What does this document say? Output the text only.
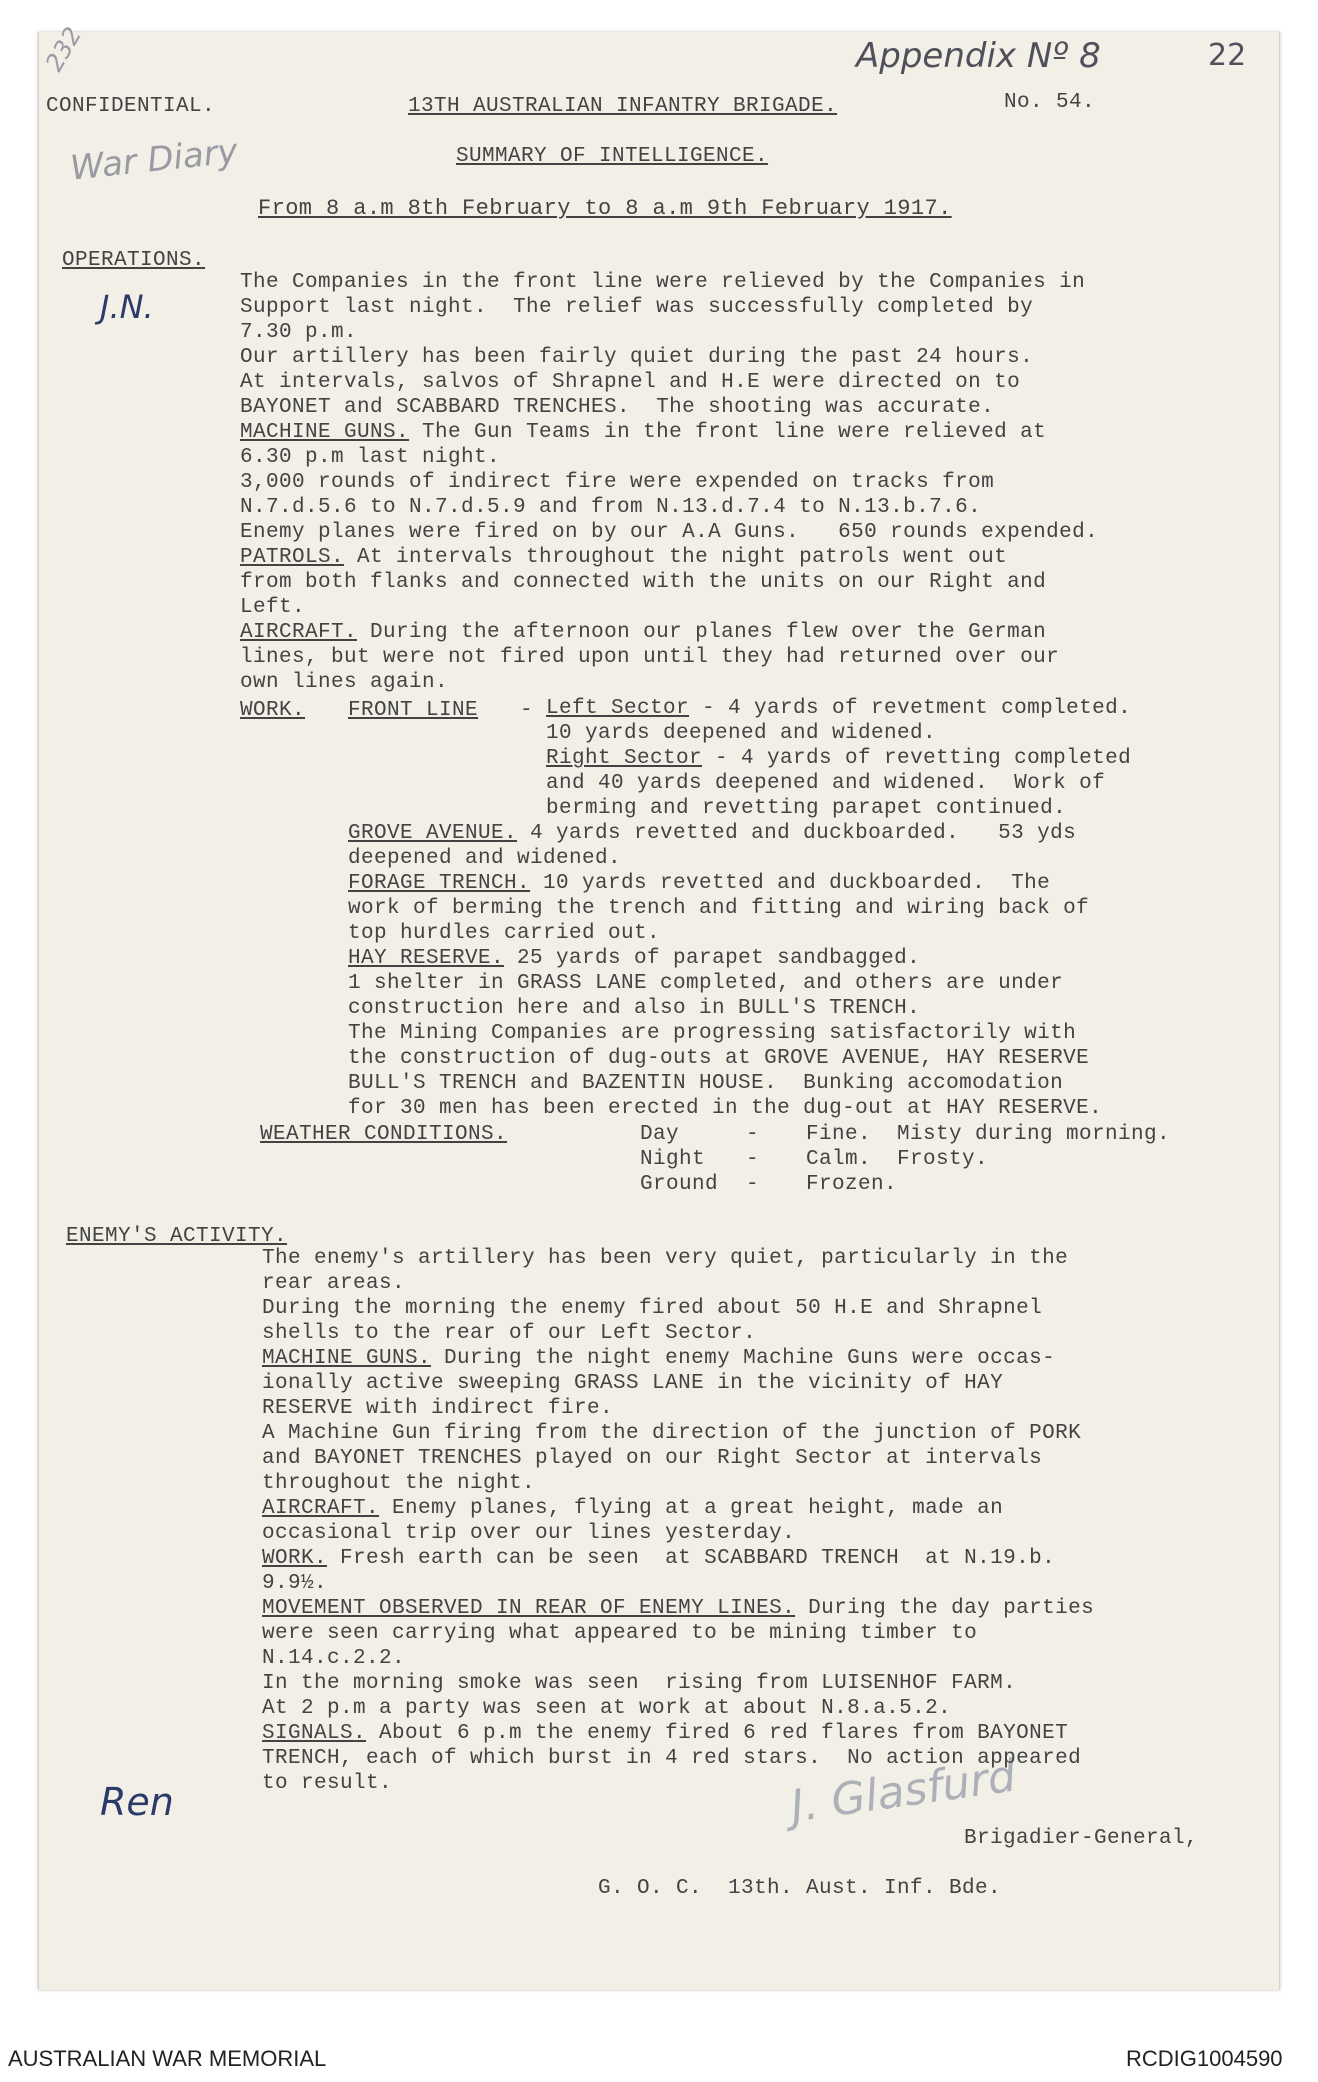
Appendix Nº 8	22
232
War Diary
J.N.
Ren	J. Glasfurd
CONFIDENTIAL.	13TH AUSTRALIAN INFANTRY BRIGADE.	No. 54.
SUMMARY OF INTELLIGENCE.
From 8 a.m 8th February to 8 a.m 9th February 1917.
OPERATIONS.
The Companies in the front line were relieved by the Companies in
Support last night.  The relief was successfully completed by
7.30 p.m.
Our artillery has been fairly quiet during the past 24 hours.
At intervals, salvos of Shrapnel and H.E were directed on to
BAYONET and SCABBARD TRENCHES.  The shooting was accurate.
MACHINE GUNS. The Gun Teams in the front line were relieved at
6.30 p.m last night.
3,000 rounds of indirect fire were expended on tracks from
N.7.d.5.6 to N.7.d.5.9 and from N.13.d.7.4 to N.13.b.7.6.
Enemy planes were fired on by our A.A Guns.   650 rounds expended.
PATROLS. At intervals throughout the night patrols went out
from both flanks and connected with the units on our Right and
Left.
AIRCRAFT. During the afternoon our planes flew over the German
lines, but were not fired upon until they had returned over our
own lines again.
WORK. FRONT LINE - Left Sector - 4 yards of revetment completed.
10 yards deepened and widened.
Right Sector - 4 yards of revetting completed
and 40 yards deepened and widened.  Work of
berming and revetting parapet continued.
GROVE AVENUE. 4 yards revetted and duckboarded.   53 yds
deepened and widened.
FORAGE TRENCH. 10 yards revetted and duckboarded.  The
work of berming the trench and fitting and wiring back of
top hurdles carried out.
HAY RESERVE. 25 yards of parapet sandbagged.
1 shelter in GRASS LANE completed, and others are under
construction here and also in BULL'S TRENCH.
The Mining Companies are progressing satisfactorily with
the construction of dug-outs at GROVE AVENUE, HAY RESERVE
BULL'S TRENCH and BAZENTIN HOUSE.  Bunking accomodation
for 30 men has been erected in the dug-out at HAY RESERVE.
WEATHER CONDITIONS.	Day	- Fine.  Misty during morning.
Night - Calm.  Frosty.
Ground - Frozen.
ENEMY'S ACTIVITY.
The enemy's artillery has been very quiet, particularly in the
rear areas.
During the morning the enemy fired about 50 H.E and Shrapnel
shells to the rear of our Left Sector.
MACHINE GUNS. During the night enemy Machine Guns were occas-
ionally active sweeping GRASS LANE in the vicinity of HAY
RESERVE with indirect fire.
A Machine Gun firing from the direction of the junction of PORK
and BAYONET TRENCHES played on our Right Sector at intervals
throughout the night.
AIRCRAFT. Enemy planes, flying at a great height, made an
occasional trip over our lines yesterday.
WORK. Fresh earth can be seen  at SCABBARD TRENCH  at N.19.b.
9.9½.
MOVEMENT OBSERVED IN REAR OF ENEMY LINES. During the day parties
were seen carrying what appeared to be mining timber to
N.14.c.2.2.
In the morning smoke was seen  rising from LUISENHOF FARM.
At 2 p.m a party was seen at work at about N.8.a.5.2.
SIGNALS. About 6 p.m the enemy fired 6 red flares from BAYONET
TRENCH, each of which burst in 4 red stars.  No action appeared
to result.
Brigadier-General,
G. O. C.  13th. Aust. Inf. Bde.
AUSTRALIAN WAR MEMORIAL	RCDIG1004590
